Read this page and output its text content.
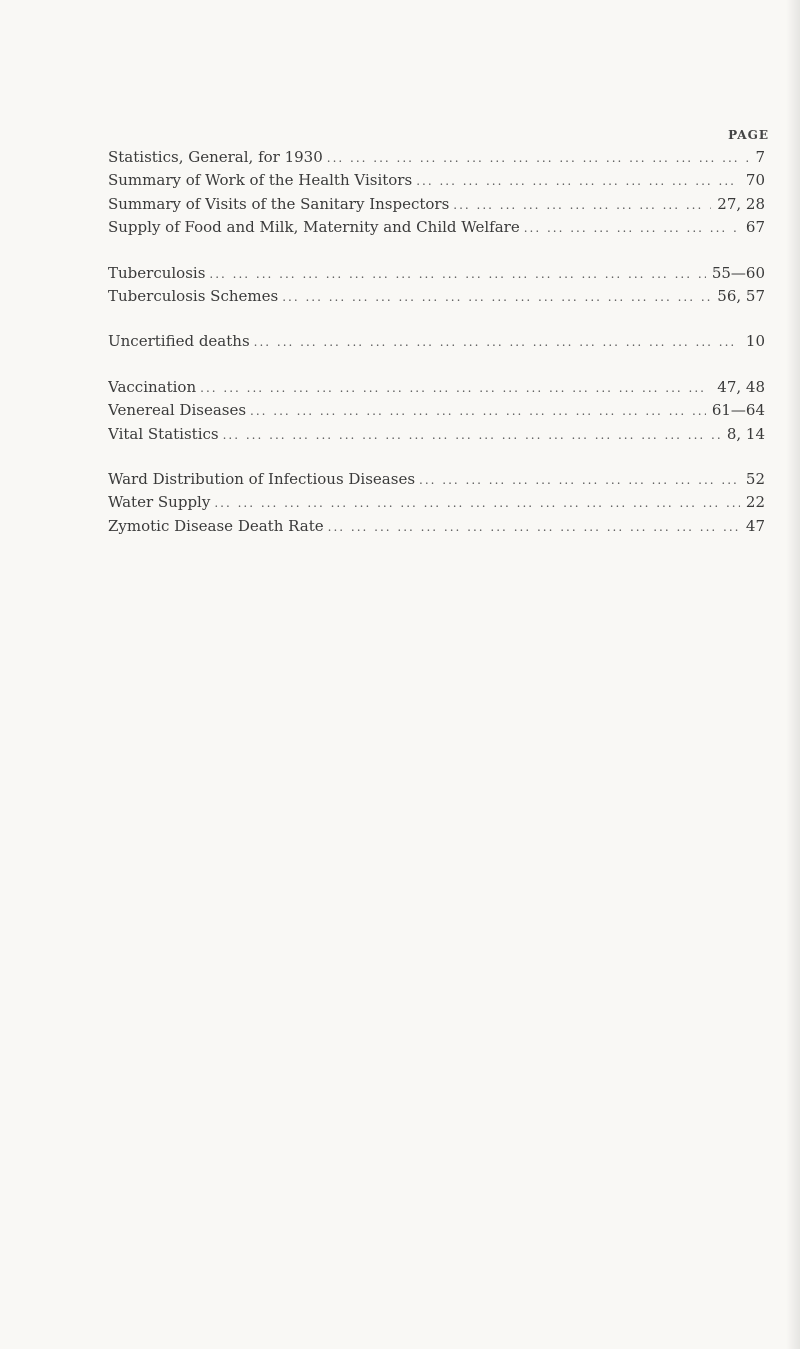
PAGE
Statistics, General, for 1930 ... .	7
Summary of Work of the Health Visitors ... .	70
Summary of Visits of the Sanitary Inspectors ... .	27, 28
Supply of Food and Milk, Maternity and Child Welfare ... .	67
Tuberculosis ... .	55—60
Tuberculosis Schemes ... .	56, 57
Uncertified deaths ... .	10
Vaccination ... .	47, 48
Venereal Diseases ... .	61—64
Vital Statistics ... .	8, 14
Ward Distribution of Infectious Diseases ... .	52
Water Supply ... .	22
Zymotic Disease Death Rate ... .	47
